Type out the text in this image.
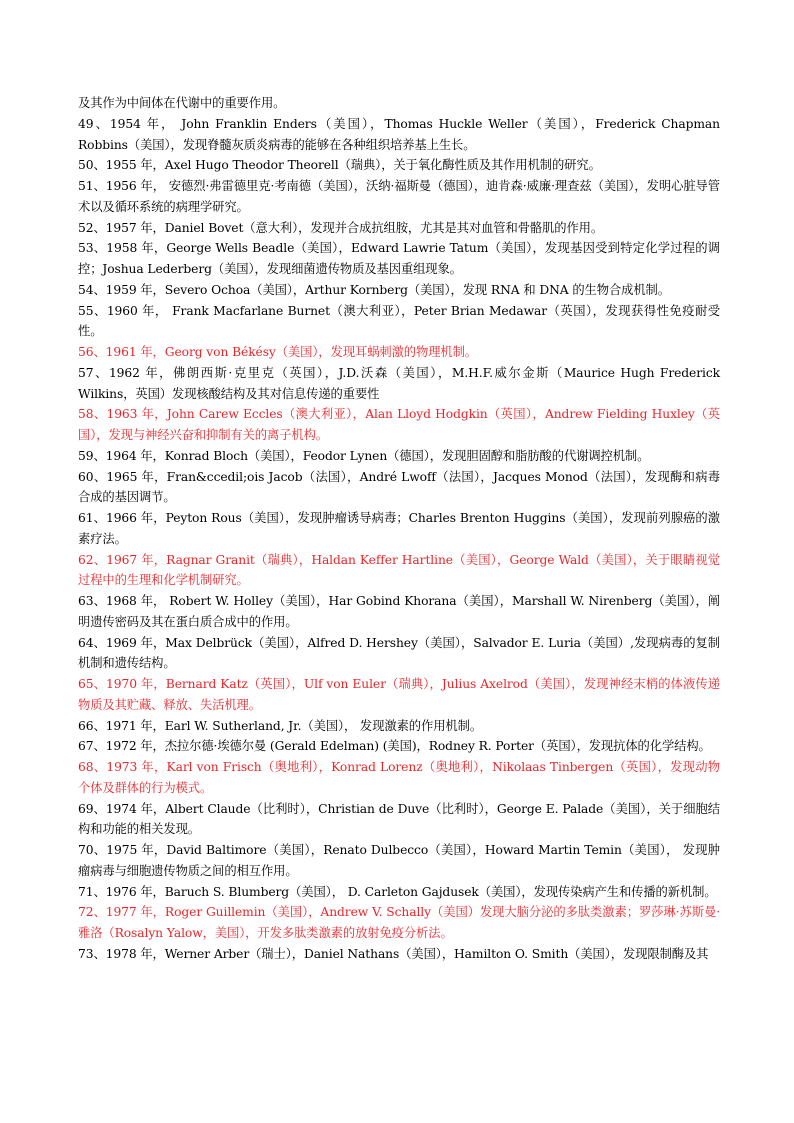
及其作为中间体在代谢中的重要作用。

49、1954 年， John Franklin Enders（美国），Thomas Huckle Weller（美国），Frederick Chapman Robbins（美国），发现脊髓灰质炎病毒的能够在各种组织培养基上生长。

50、1955 年，Axel Hugo Theodor Theorell（瑞典），关于氧化酶性质及其作用机制的研究。

51、1956 年， 安德烈·弗雷德里克·考南德（美国），沃纳·福斯曼（德国），迪肯森·威廉·理查兹（美国），发明心脏导管术以及循环系统的病理学研究。

52、1957 年，Daniel Bovet（意大利），发现并合成抗组胺，尤其是其对血管和骨骼肌的作用。

53、1958 年，George Wells Beadle（美国），Edward Lawrie Tatum（美国），发现基因受到特定化学过程的调控；Joshua Lederberg（美国），发现细菌遗传物质及基因重组现象。

54、1959 年，Severo Ochoa（美国），Arthur Kornberg（美国），发现 RNA 和 DNA 的生物合成机制。

55、1960 年， Frank Macfarlane Burnet（澳大利亚），Peter Brian Medawar（英国），发现获得性免疫耐受性。

56、1961 年，Georg von Békésy（美国），发现耳蜗刺激的物理机制。

57、1962 年，佛朗西斯·克里克（英国），J.D.沃森（美国），M.H.F.威尔金斯（Maurice Hugh Frederick Wilkins，英国）发现核酸结构及其对信息传递的重要性

58、1963 年，John Carew Eccles（澳大利亚），Alan Lloyd Hodgkin（英国），Andrew Fielding Huxley（英国），发现与神经兴奋和抑制有关的离子机构。

59、1964 年，Konrad Bloch（美国），Feodor Lynen（德国），发现胆固醇和脂肪酸的代谢调控机制。

60、1965 年，Fran&ccedil;ois Jacob（法国），André Lwoff（法国），Jacques Monod（法国），发现酶和病毒合成的基因调节。

61、1966 年，Peyton Rous（美国），发现肿瘤诱导病毒；Charles Brenton Huggins（美国），发现前列腺癌的激素疗法。

62、1967 年，Ragnar Granit（瑞典），Haldan Keffer Hartline（美国），George Wald（美国），关于眼睛视觉过程中的生理和化学机制研究。

63、1968 年， Robert W. Holley（美国），Har Gobind Khorana（美国），Marshall W. Nirenberg（美国），阐明遗传密码及其在蛋白质合成中的作用。

64、1969 年，Max Delbrück（美国），Alfred D. Hershey（美国），Salvador E. Luria（美国）,发现病毒的复制机制和遗传结构。

65、1970 年，Bernard Katz（英国），Ulf von Euler（瑞典），Julius Axelrod（美国），发现神经末梢的体液传递物质及其贮藏、释放、失活机理。

66、1971 年，Earl W. Sutherland, Jr.（美国）， 发现激素的作用机制。

67、1972 年，杰拉尔德·埃德尔曼 (Gerald Edelman) (美国)，Rodney R. Porter（英国），发现抗体的化学结构。

68、1973 年，Karl von Frisch（奥地利），Konrad Lorenz（奥地利），Nikolaas Tinbergen（英国），发现动物个体及群体的行为模式。

69、1974 年，Albert Claude（比利时），Christian de Duve（比利时），George E. Palade（美国），关于细胞结构和功能的相关发现。

70、1975 年，David Baltimore（美国），Renato Dulbecco（美国），Howard Martin Temin（美国）， 发现肿瘤病毒与细胞遗传物质之间的相互作用。

71、1976 年，Baruch S. Blumberg（美国）， D. Carleton Gajdusek（美国），发现传染病产生和传播的新机制。

72、1977 年，Roger Guillemin（美国），Andrew V. Schally（美国）发现大脑分泌的多肽类激素；罗莎琳·苏斯曼·雅洛（Rosalyn Yalow，美国），开发多肽类激素的放射免疫分析法。

73、1978 年，Werner Arber（瑞士），Daniel Nathans（美国），Hamilton O. Smith（美国），发现限制酶及其
